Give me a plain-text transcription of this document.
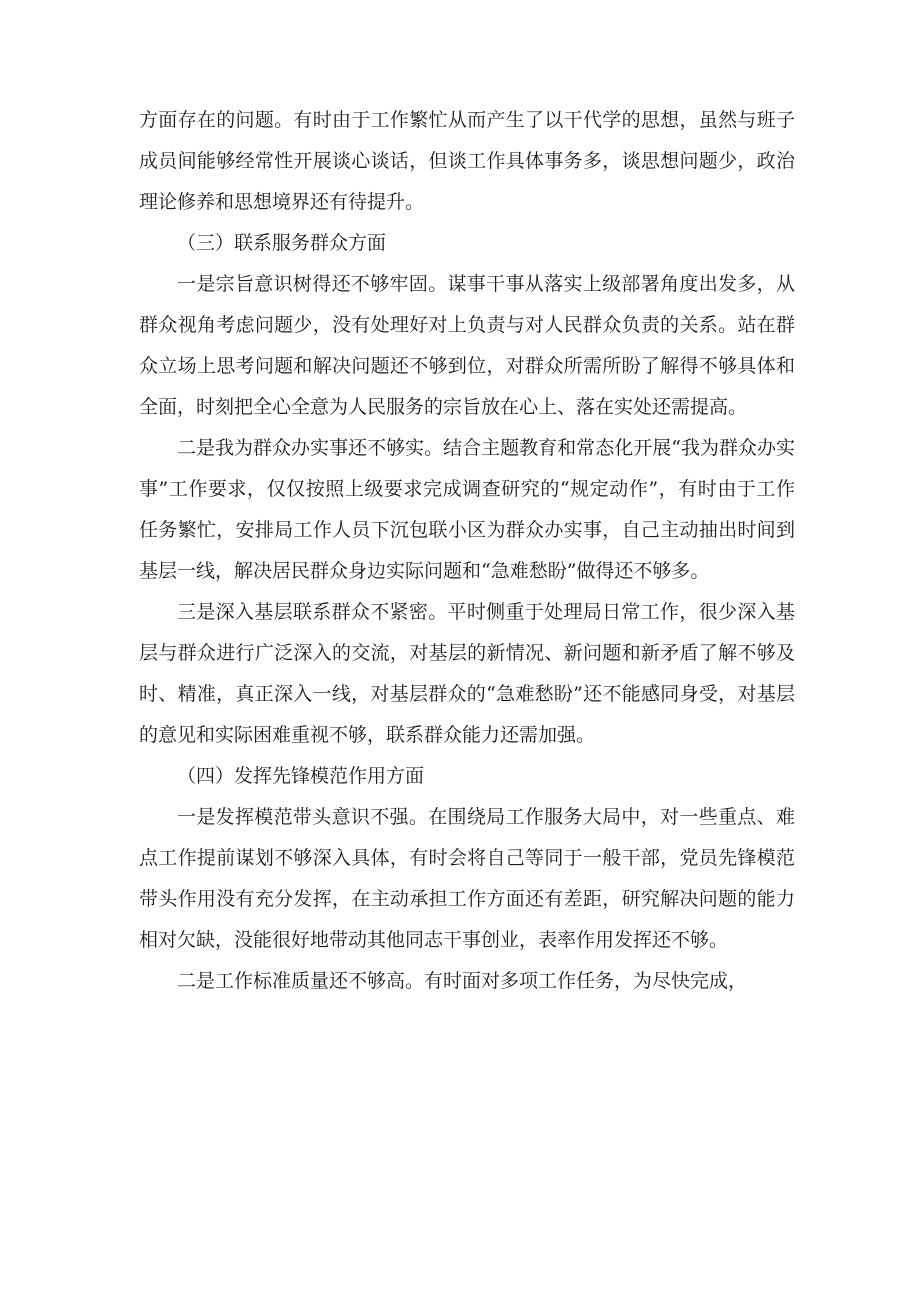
方面存在的问题。有时由于工作繁忙从而产生了以干代学的思想，虽然与班子成员间能够经常性开展谈心谈话，但谈工作具体事务多，谈思想问题少，政治理论修养和思想境界还有待提升。

（三）联系服务群众方面

一是宗旨意识树得还不够牢固。谋事干事从落实上级部署角度出发多，从群众视角考虑问题少，没有处理好对上负责与对人民群众负责的关系。站在群众立场上思考问题和解决问题还不够到位，对群众所需所盼了解得不够具体和全面，时刻把全心全意为人民服务的宗旨放在心上、落在实处还需提高。

二是我为群众办实事还不够实。结合主题教育和常态化开展“我为群众办实事”工作要求，仅仅按照上级要求完成调查研究的“规定动作”，有时由于工作任务繁忙，安排局工作人员下沉包联小区为群众办实事，自己主动抽出时间到基层一线，解决居民群众身边实际问题和“急难愁盼”做得还不够多。

三是深入基层联系群众不紧密。平时侧重于处理局日常工作，很少深入基层与群众进行广泛深入的交流，对基层的新情况、新问题和新矛盾了解不够及时、精准，真正深入一线，对基层群众的“急难愁盼”还不能感同身受，对基层的意见和实际困难重视不够，联系群众能力还需加强。

（四）发挥先锋模范作用方面

一是发挥模范带头意识不强。在围绕局工作服务大局中，对一些重点、难点工作提前谋划不够深入具体，有时会将自己等同于一般干部，党员先锋模范带头作用没有充分发挥，在主动承担工作方面还有差距，研究解决问题的能力相对欠缺，没能很好地带动其他同志干事创业，表率作用发挥还不够。

二是工作标准质量还不够高。有时面对多项工作任务，为尽快完成，
